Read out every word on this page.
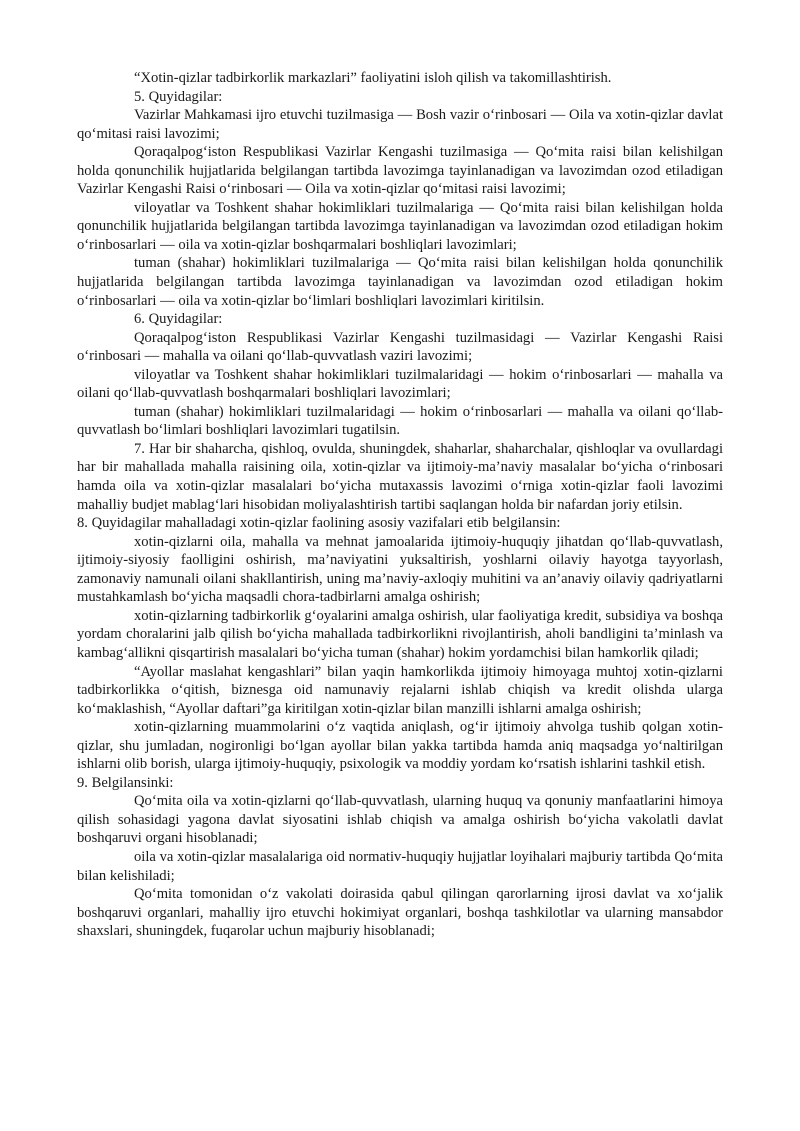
“Xotin-qizlar tadbirkorlik markazlari” faoliyatini isloh qilish va takomillashtirish.

5. Quyidagilar:

Vazirlar Mahkamasi ijro etuvchi tuzilmasiga — Bosh vazir o‘rinbosari — Oila va xotin-qizlar davlat qo‘mitasi raisi lavozimi;

Qoraqalpog‘iston Respublikasi Vazirlar Kengashi tuzilmasiga — Qo‘mita raisi bilan kelishilgan holda qonunchilik hujjatlarida belgilangan tartibda lavozimga tayinlanadigan va lavozimdan ozod etiladigan Vazirlar Kengashi Raisi o‘rinbosari — Oila va xotin-qizlar qo‘mitasi raisi lavozimi;

viloyatlar va Toshkent shahar hokimliklari tuzilmalariga — Qo‘mita raisi bilan kelishilgan holda qonunchilik hujjatlarida belgilangan tartibda lavozimga tayinlanadigan va lavozimdan ozod etiladigan hokim o‘rinbosarlari — oila va xotin-qizlar boshqarmalari boshliqlari lavozimlari;

tuman (shahar) hokimliklari tuzilmalariga — Qo‘mita raisi bilan kelishilgan holda qonunchilik hujjatlarida belgilangan tartibda lavozimga tayinlanadigan va lavozimdan ozod etiladigan hokim o‘rinbosarlari — oila va xotin-qizlar bo‘limlari boshliqlari lavozimlari kiritilsin.

6. Quyidagilar:

Qoraqalpog‘iston Respublikasi Vazirlar Kengashi tuzilmasidagi — Vazirlar Kengashi Raisi o‘rinbosari — mahalla va oilani qo‘llab-quvvatlash vaziri lavozimi;

viloyatlar va Toshkent shahar hokimliklari tuzilmalaridagi — hokim o‘rinbosarlari — mahalla va oilani qo‘llab-quvvatlash boshqarmalari boshliqlari lavozimlari;

tuman (shahar) hokimliklari tuzilmalaridagi — hokim o‘rinbosarlari — mahalla va oilani qo‘llab-quvvatlash bo‘limlari boshliqlari lavozimlari tugatilsin.

7. Har bir shaharcha, qishloq, ovulda, shuningdek, shaharlar, shaharchalar, qishloqlar va ovullardagi har bir mahallada mahalla raisining oila, xotin-qizlar va ijtimoiy-ma’naviy masalalar bo‘yicha o‘rinbosari hamda oila va xotin-qizlar masalalari bo‘yicha mutaxassis lavozimi o‘rniga xotin-qizlar faoli lavozimi mahalliy budjet mablag‘lari hisobidan moliyalashtirish tartibi saqlangan holda bir nafardan joriy etilsin.

8. Quyidagilar mahalladagi xotin-qizlar faolining asosiy vazifalari etib belgilansin:

xotin-qizlarni oila, mahalla va mehnat jamoalarida ijtimoiy-huquqiy jihatdan qo‘llab-quvvatlash, ijtimoiy-siyosiy faolligini oshirish, ma’naviyatini yuksaltirish, yoshlarni oilaviy hayotga tayyorlash, zamonaviy namunali oilani shakllantirish, uning ma’naviy-axloqiy muhitini va an’anaviy oilaviy qadriyatlarni mustahkamlash bo‘yicha maqsadli chora-tadbirlarni amalga oshirish;

xotin-qizlarning tadbirkorlik g‘oyalarini amalga oshirish, ular faoliyatiga kredit, subsidiya va boshqa yordam choralarini jalb qilish bo‘yicha mahallada tadbirkorlikni rivojlantirish, aholi bandligini ta’minlash va kambag‘allikni qisqartirish masalalari bo‘yicha tuman (shahar) hokim yordamchisi bilan hamkorlik qiladi;

“Ayollar maslahat kengashlari” bilan yaqin hamkorlikda ijtimoiy himoyaga muhtoj xotin-qizlarni tadbirkorlikka o‘qitish, biznesga oid namunaviy rejalarni ishlab chiqish va kredit olishda ularga ko‘maklashish, “Ayollar daftari”ga kiritilgan xotin-qizlar bilan manzilli ishlarni amalga oshirish;

xotin-qizlarning muammolarini o‘z vaqtida aniqlash, og‘ir ijtimoiy ahvolga tushib qolgan xotin-qizlar, shu jumladan, nogironligi bo‘lgan ayollar bilan yakka tartibda hamda aniq maqsadga yo‘naltirilgan ishlarni olib borish, ularga ijtimoiy-huquqiy, psixologik va moddiy yordam ko‘rsatish ishlarini tashkil etish.

9. Belgilansinki:

Qo‘mita oila va xotin-qizlarni qo‘llab-quvvatlash, ularning huquq va qonuniy manfaatlarini himoya qilish sohasidagi yagona davlat siyosatini ishlab chiqish va amalga oshirish bo‘yicha vakolatli davlat boshqaruvi organi hisoblanadi;

oila va xotin-qizlar masalalariga oid normativ-huquqiy hujjatlar loyihalari majburiy tartibda Qo‘mita bilan kelishiladi;

Qo‘mita tomonidan o‘z vakolati doirasida qabul qilingan qarorlarning ijrosi davlat va xo‘jalik boshqaruvi organlari, mahalliy ijro etuvchi hokimiyat organlari, boshqa tashkilotlar va ularning mansabdor shaxslari, shuningdek, fuqarolar uchun majburiy hisoblanadi;
